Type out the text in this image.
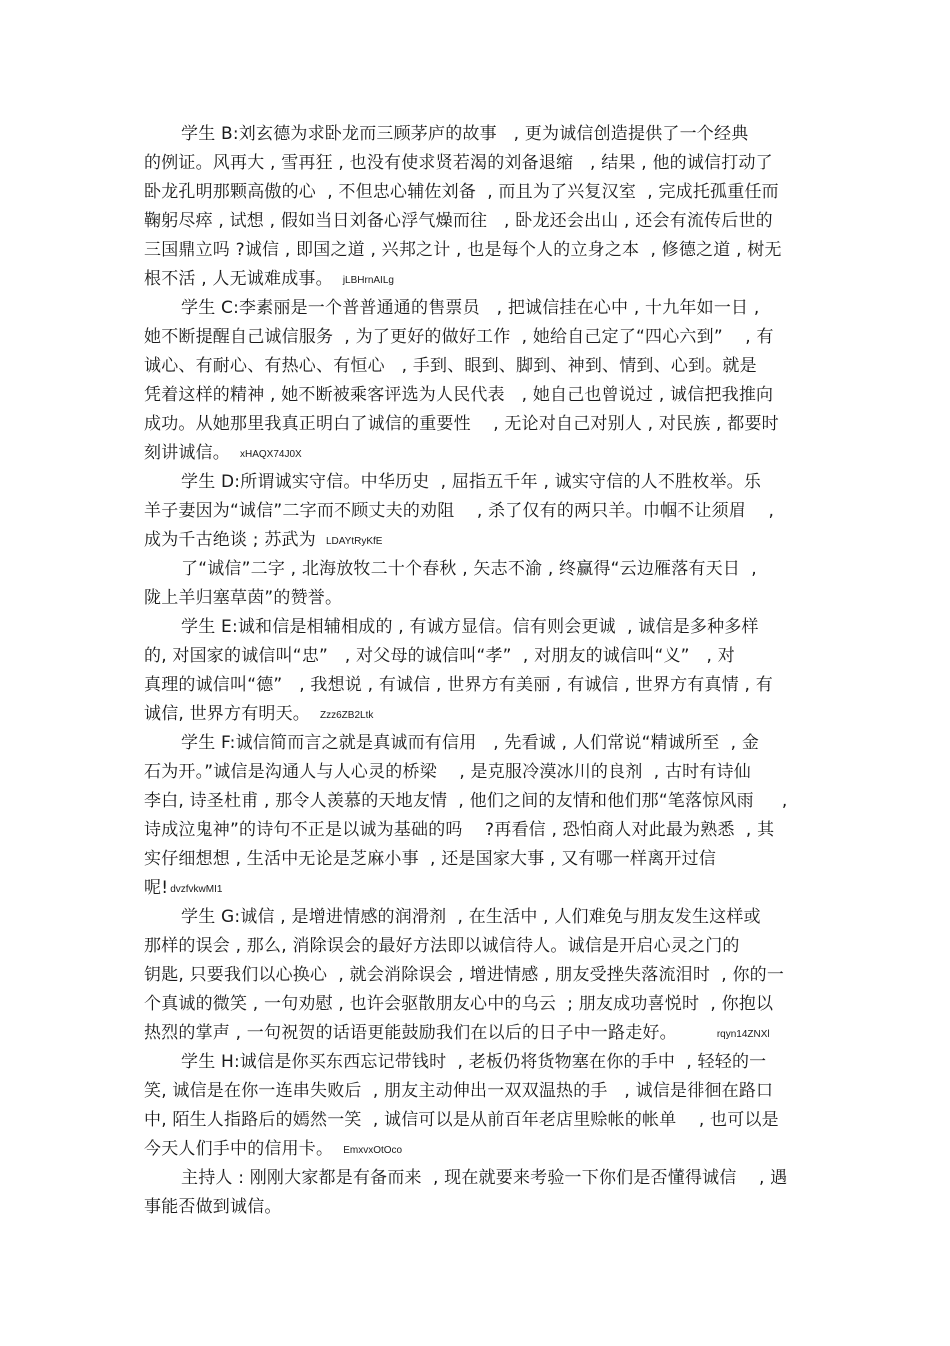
学生 B:刘玄德为求卧龙而三顾茅庐的故事   , 更为诚信创造提供了一个经典
的例证。风再大 , 雪再狂 , 也没有使求贤若渴的刘备退缩   , 结果 , 他的诚信打动了
卧龙孔明那颗高傲的心  , 不但忠心辅佐刘备  , 而且为了兴复汉室  , 完成托孤重任而
鞠躬尽瘁 , 试想 , 假如当日刘备心浮气燥而往   , 卧龙还会出山 , 还会有流传后世的
三国鼎立吗 ?诚信 , 即国之道 , 兴邦之计 , 也是每个人的立身之本  , 修德之道 , 树无
根不活 , 人无诚难成事。 jLBHrnAILg
学生 C:李素丽是一个普普通通的售票员   , 把诚信挂在心中 , 十九年如一日 ,
她不断提醒自己诚信服务  , 为了更好的做好工作  , 她给自己定了“四心六到”    , 有
诚心、有耐心、有热心、有恒心   , 手到、眼到、脚到、神到、情到、心到。就是
凭着这样的精神 , 她不断被乘客评选为人民代表   , 她自己也曾说过 , 诚信把我推向
成功。从她那里我真正明白了诚信的重要性    , 无论对自己对别人 , 对民族 , 都要时
刻讲诚信。 xHAQX74J0X
学生 D:所谓诚实守信。中华历史  , 屈指五千年 , 诚实守信的人不胜枚举。乐
羊子妻因为“诚信”二字而不顾丈夫的劝阻    , 杀了仅有的两只羊。巾帼不让须眉    ,
成为千古绝谈 ; 苏武为 LDAYtRyKfE
了“诚信”二字 , 北海放牧二十个春秋 , 矢志不渝 , 终赢得“云边雁落有天日  ,
陇上羊归塞草茵”的赞誉。
学生 E:诚和信是相辅相成的 , 有诚方显信。信有则会更诚  , 诚信是多种多样
的, 对国家的诚信叫“忠”   , 对父母的诚信叫“孝”  , 对朋友的诚信叫“义”   , 对
真理的诚信叫“德”   , 我想说 , 有诚信 , 世界方有美丽 , 有诚信 , 世界方有真情 , 有
诚信, 世界方有明天。 Zzz6ZB2Ltk
学生 F:诚信简而言之就是真诚而有信用   , 先看诚 , 人们常说“精诚所至  , 金
石为开。”诚信是沟通人与人心灵的桥梁    , 是克服冷漠冰川的良剂  , 古时有诗仙
李白, 诗圣杜甫 , 那令人羡慕的天地友情  , 他们之间的友情和他们那“笔落惊风雨     ,
诗成泣鬼神”的诗句不正是以诚为基础的吗    ?再看信 , 恐怕商人对此最为熟悉  , 其
实仔细想想 , 生活中无论是芝麻小事  , 还是国家大事 , 又有哪一样离开过信
呢! dvzfvkwMI1
学生 G:诚信 , 是增进情感的润滑剂  , 在生活中 , 人们难免与朋友发生这样或
那样的误会 , 那么, 消除误会的最好方法即以诚信待人。诚信是开启心灵之门的
钥匙, 只要我们以心换心  , 就会消除误会 , 增进情感 , 朋友受挫失落流泪时  , 你的一
个真诚的微笑 , 一句劝慰 , 也许会驱散朋友心中的乌云  ; 朋友成功喜悦时  , 你抱以
热烈的掌声 , 一句祝贺的话语更能鼓励我们在以后的日子中一路走好。	rqyn14ZNXl
学生 H:诚信是你买东西忘记带钱时  , 老板仍将货物塞在你的手中  , 轻轻的一
笑, 诚信是在你一连串失败后  , 朋友主动伸出一双双温热的手   , 诚信是徘徊在路口
中, 陌生人指路后的嫣然一笑  , 诚信可以是从前百年老店里赊帐的帐单    , 也可以是
今天人们手中的信用卡。 EmxvxOtOco
主持人 : 刚刚大家都是有备而来  , 现在就要来考验一下你们是否懂得诚信    , 遇
事能否做到诚信。
